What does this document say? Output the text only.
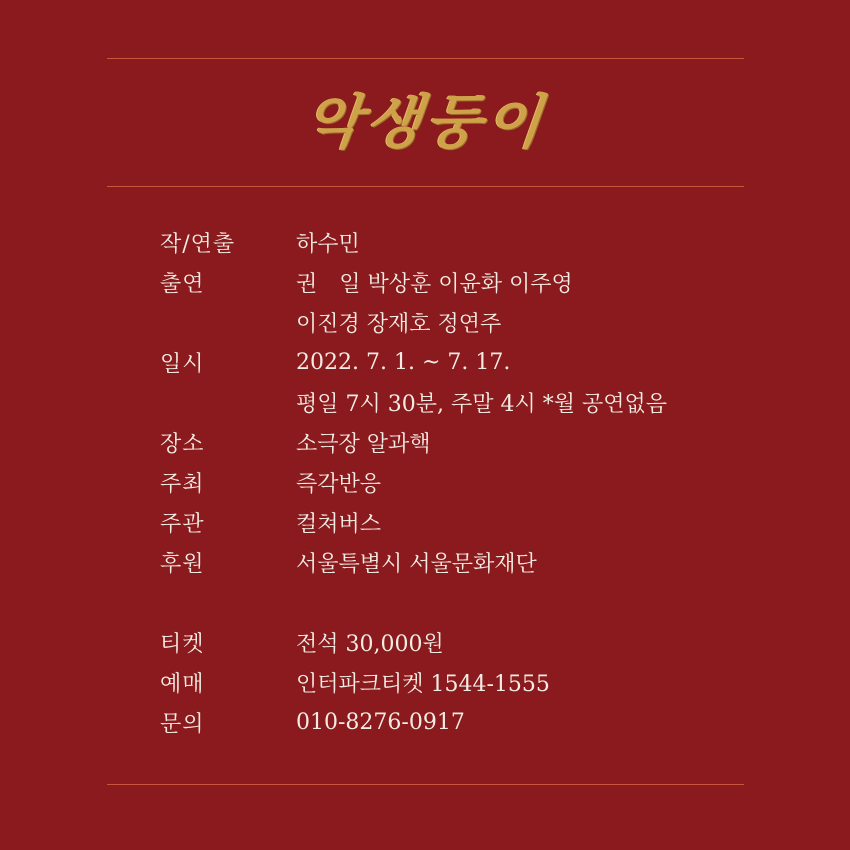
악생둥이
작/연출	하수민
출연	권　일 박상훈 이윤화 이주영
이진경 장재호 정연주
일시	2022. 7. 1. ~ 7. 17.
평일 7시 30분, 주말 4시 *월 공연없음
장소	소극장 알과핵
주최	즉각반응
주관	컬쳐버스
후원	서울특별시 서울문화재단
티켓	전석 30,000원
예매	인터파크티켓 1544-1555
문의	010-8276-0917
